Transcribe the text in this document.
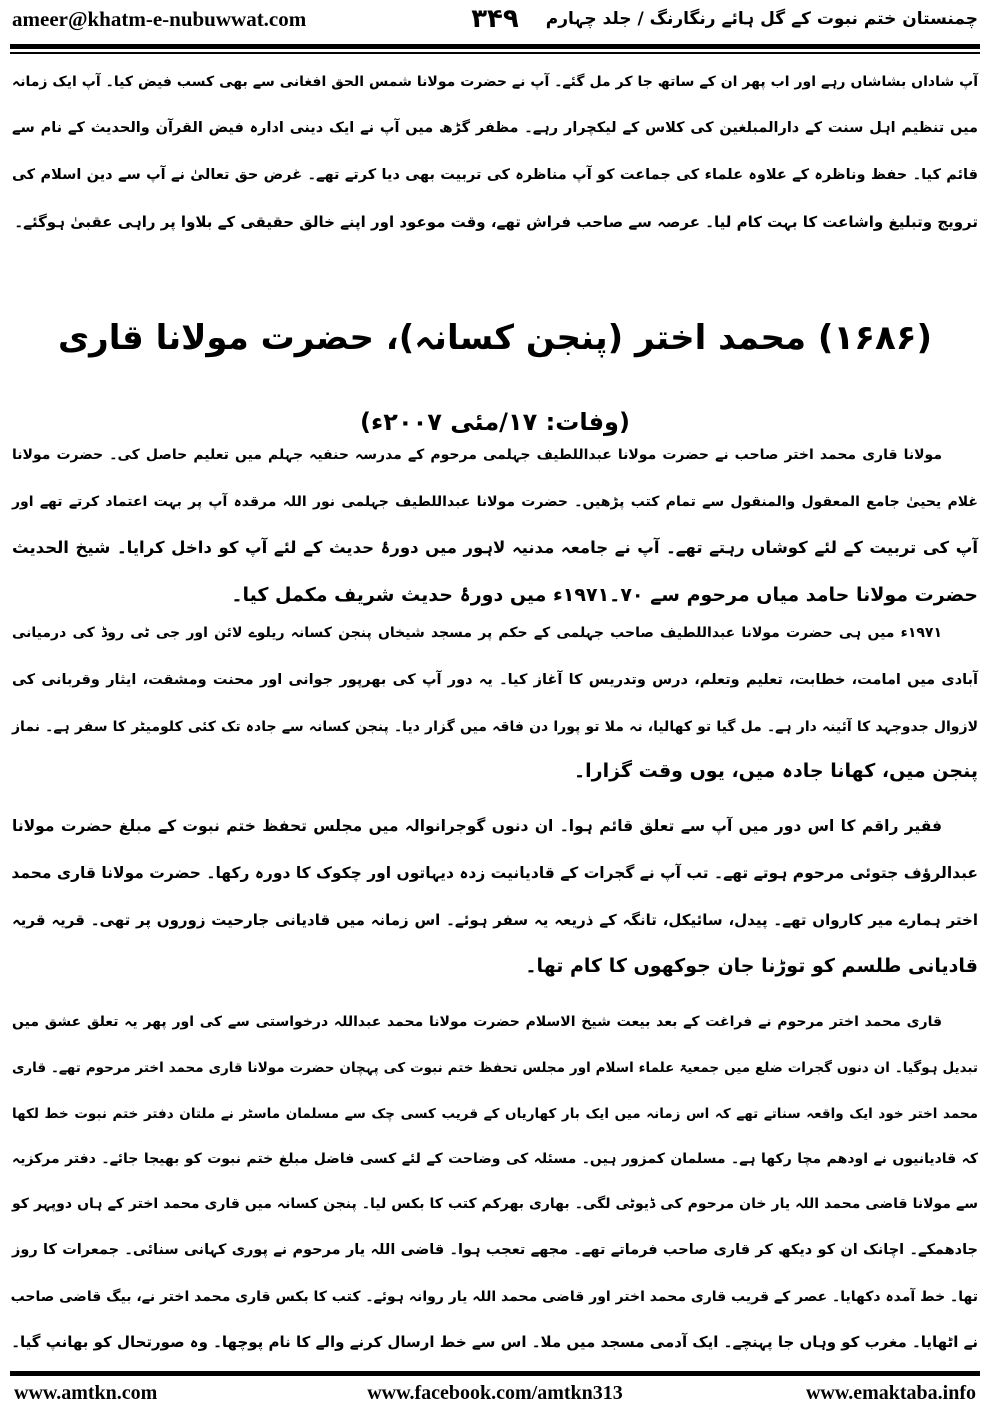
ameer@khatm-e-nubuwwat.com	۳۴۹	چمنستان ختم نبوت کے گل ہائے رنگارنگ / جلد چہارم
آپ شاداں بشاشاں رہے اور اب پھر ان کے ساتھ جا کر مل گئے۔ آپ نے حضرت مولانا شمس الحق افغانی سے بھی کسب فیض کیا۔ آپ ایک زمانہ
میں تنظیم اہل سنت کے دارالمبلغین کی کلاس کے لیکچرار رہے۔ مظفر گڑھ میں آپ نے ایک دینی ادارہ فیض القرآن والحدیث کے نام سے
قائم کیا۔ حفظ وناظرہ کے علاوہ علماء کی جماعت کو آپ مناظرہ کی تربیت بھی دیا کرتے تھے۔ غرض حق تعالیٰ نے آپ سے دین اسلام کی
ترویج وتبلیغ واشاعت کا بہت کام لیا۔ عرصہ سے صاحب فراش تھے، وقت موعود اور اپنے خالق حقیقی کے بلاوا پر راہی عقبیٰ ہوگئے۔
مولانا قاری محمد اختر صاحب نے حضرت مولانا عبداللطیف جہلمی مرحوم کے مدرسہ حنفیہ جہلم میں تعلیم حاصل کی۔ حضرت مولانا
غلام یحییٰ جامع المعقول والمنقول سے تمام کتب پڑھیں۔ حضرت مولانا عبداللطیف جہلمی نور اللہ مرقدہ آپ پر بہت اعتماد کرتے تھے اور
آپ کی تربیت کے لئے کوشاں رہتے تھے۔ آپ نے جامعہ مدنیہ لاہور میں دورۂ حدیث کے لئے آپ کو داخل کرایا۔ شیخ الحدیث
حضرت مولانا حامد میاں مرحوم سے ۷۰۔۱۹۷۱ء میں دورۂ حدیث شریف مکمل کیا۔
۱۹۷۱ء میں ہی حضرت مولانا عبداللطیف صاحب جہلمی کے حکم پر مسجد شیخاں پنجن کسانہ ریلوے لائن اور جی ٹی روڈ کی درمیانی
آبادی میں امامت، خطابت، تعلیم وتعلم، درس وتدریس کا آغاز کیا۔ یہ دور آپ کی بھرپور جوانی اور محنت ومشقت، ایثار وقربانی کی
لازوال جدوجہد کا آئینہ دار ہے۔ مل گیا تو کھالیا، نہ ملا تو پورا دن فاقہ میں گزار دیا۔ پنجن کسانہ سے جادہ تک کئی کلومیٹر کا سفر ہے۔ نماز
پنجن میں، کھانا جادہ میں، یوں وقت گزارا۔
فقیر راقم کا اس دور میں آپ سے تعلق قائم ہوا۔ ان دنوں گوجرانوالہ میں مجلس تحفظ ختم نبوت کے مبلغ حضرت مولانا
عبدالرؤف جتوئی مرحوم ہوتے تھے۔ تب آپ نے گجرات کے قادیانیت زدہ دیہاتوں اور چکوک کا دورہ رکھا۔ حضرت مولانا قاری محمد
اختر ہمارے میر کارواں تھے۔ پیدل، سائیکل، تانگہ کے ذریعہ یہ سفر ہوئے۔ اس زمانہ میں قادیانی جارحیت زوروں پر تھی۔ قریہ قریہ
قادیانی طلسم کو توڑنا جان جوکھوں کا کام تھا۔
قاری محمد اختر مرحوم نے فراغت کے بعد بیعت شیخ الاسلام حضرت مولانا محمد عبداللہ درخواستی سے کی اور پھر یہ تعلق عشق میں
تبدیل ہوگیا۔ ان دنوں گجرات ضلع میں جمعیۃ علماء اسلام اور مجلس تحفظ ختم نبوت کی پہچان حضرت مولانا قاری محمد اختر مرحوم تھے۔ قاری
محمد اختر خود ایک واقعہ سناتے تھے کہ اس زمانہ میں ایک بار کھاریاں کے قریب کسی چک سے مسلمان ماسٹر نے ملتان دفتر ختم نبوت خط لکھا
کہ قادیانیوں نے اودھم مچا رکھا ہے۔ مسلمان کمزور ہیں۔ مسئلہ کی وضاحت کے لئے کسی فاضل مبلغ ختم نبوت کو بھیجا جائے۔ دفتر مرکزیہ
سے مولانا قاضی محمد اللہ یار خان مرحوم کی ڈیوٹی لگی۔ بھاری بھرکم کتب کا بکس لیا۔ پنجن کسانہ میں قاری محمد اختر کے ہاں دوپہر کو
جادھمکے۔ اچانک ان کو دیکھ کر قاری صاحب فرماتے تھے۔ مجھے تعجب ہوا۔ قاضی اللہ یار مرحوم نے پوری کہانی سنائی۔ جمعرات کا روز
تھا۔ خط آمدہ دکھایا۔ عصر کے قریب قاری محمد اختر اور قاضی محمد اللہ یار روانہ ہوئے۔ کتب کا بکس قاری محمد اختر نے، بیگ قاضی صاحب
نے اٹھایا۔ مغرب کو وہاں جا پہنچے۔ ایک آدمی مسجد میں ملا۔ اس سے خط ارسال کرنے والے کا نام پوچھا۔ وہ صورتحال کو بھانپ گیا۔
(۱۶۸۶) محمد اختر (پنجن کسانہ)، حضرت مولانا قاری
(وفات: ۱۷/مئی ۲۰۰۷ء)
www.amtkn.com	www.facebook.com/amtkn313	www.emaktaba.info
